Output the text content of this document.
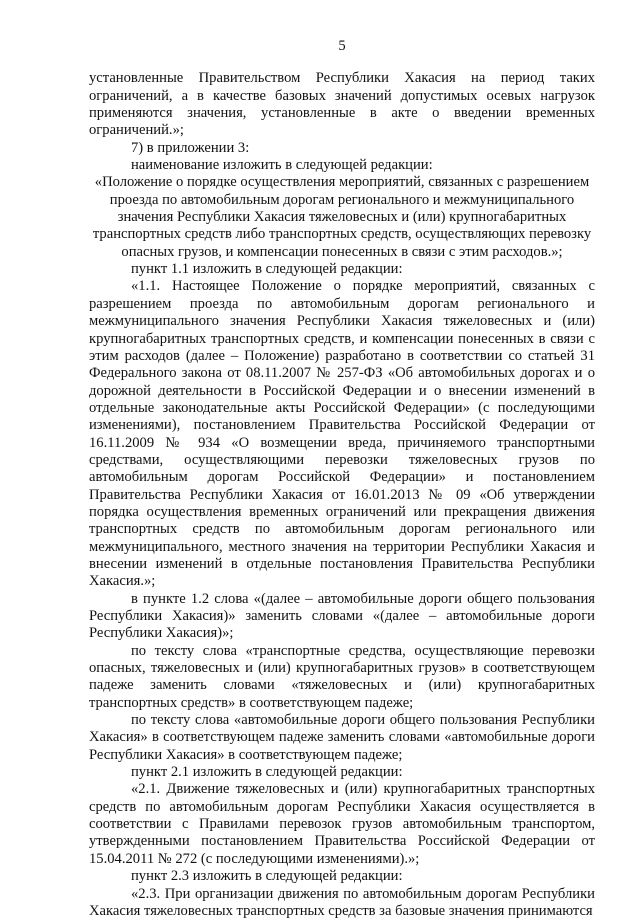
5

установленные Правительством Республики Хакасия на период таких ограничений, а в качестве базовых значений допустимых осевых нагрузок применяются значения, установленные в акте о введении временных ограничений.»;

7) в приложении 3:

наименование изложить в следующей редакции:

«Положение о порядке осуществления мероприятий, связанных с разрешением проезда по автомобильным дорогам регионального и межмуниципального значения Республики Хакасия тяжеловесных и (или) крупногабаритных транспортных средств либо транспортных средств, осуществляющих перевозку опасных грузов, и компенсации понесенных в связи с этим расходов.»;

пункт 1.1 изложить в следующей редакции:

«1.1. Настоящее Положение о порядке мероприятий, связанных с разрешением проезда по автомобильным дорогам регионального и межмуниципального значения Республики Хакасия тяжеловесных и (или) крупногабаритных транспортных средств, и компенсации понесенных в связи с этим расходов (далее – Положение) разработано в соответствии со статьей 31 Федерального закона от 08.11.2007 № 257-ФЗ «Об автомобильных дорогах и о дорожной деятельности в Российской Федерации и о внесении изменений в отдельные законодательные акты Российской Федерации» (с последующими изменениями), постановлением Правительства Российской Федерации от 16.11.2009 № 934 «О возмещении вреда, причиняемого транспортными средствами, осуществляющими перевозки тяжеловесных грузов по автомобильным дорогам Российской Федерации» и постановлением Правительства Республики Хакасия от 16.01.2013 № 09 «Об утверждении порядка осуществления временных ограничений или прекращения движения транспортных средств по автомобильным дорогам регионального или межмуниципального, местного значения на территории Республики Хакасия и внесении изменений в отдельные постановления Правительства Республики Хакасия.»;

в пункте 1.2 слова «(далее – автомобильные дороги общего пользования Республики Хакасия)» заменить словами «(далее – автомобильные дороги Республики Хакасия)»;

по тексту слова «транспортные средства, осуществляющие перевозки опасных, тяжеловесных и (или) крупногабаритных грузов» в соответствующем падеже заменить словами «тяжеловесных и (или) крупногабаритных транспортных средств» в соответствующем падеже;

по тексту слова «автомобильные дороги общего пользования Республики Хакасия» в соответствующем падеже заменить словами «автомобильные дороги Республики Хакасия» в соответствующем падеже;

пункт 2.1 изложить в следующей редакции:

«2.1. Движение тяжеловесных и (или) крупногабаритных транспортных средств по автомобильным дорогам Республики Хакасия осуществляется в соответствии с Правилами перевозок грузов автомобильным транспортом, утвержденными постановлением Правительства Российской Федерации от 15.04.2011 № 272 (с последующими изменениями).»;

пункт 2.3 изложить в следующей редакции:

«2.3. При организации движения по автомобильным дорогам Республики Хакасия тяжеловесных транспортных средств за базовые значения принимаются
